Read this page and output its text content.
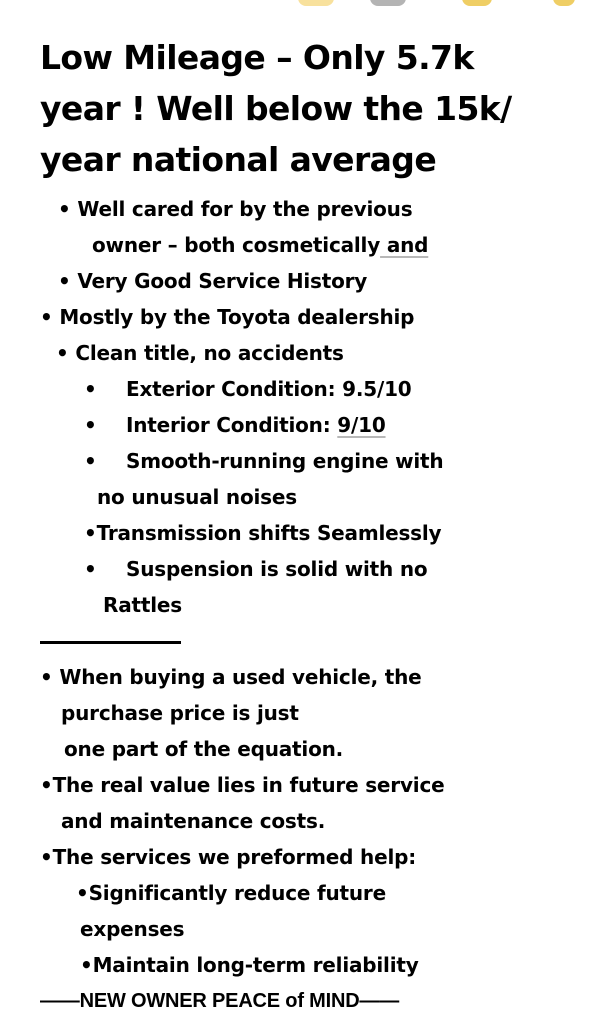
Low Mileage – Only 5.7k
year ! Well below the 15k/
year national average
• Well cared for by the previous
owner – both cosmetically and
• Very Good Service History
• Mostly by the Toyota dealership
• Clean title, no accidents
• Exterior Condition: 9.5/10
• Interior Condition: 9/10
• Smooth-running engine with
no unusual noises
•Transmission shifts Seamlessly
• Suspension is solid with no
Rattles
• When buying a used vehicle, the
purchase price is just
one part of the equation.
•The real value lies in future service
and maintenance costs.
•The services we preformed help:
•Significantly reduce future
expenses
•Maintain long-term reliability
——NEW OWNER PEACE of MIND——
